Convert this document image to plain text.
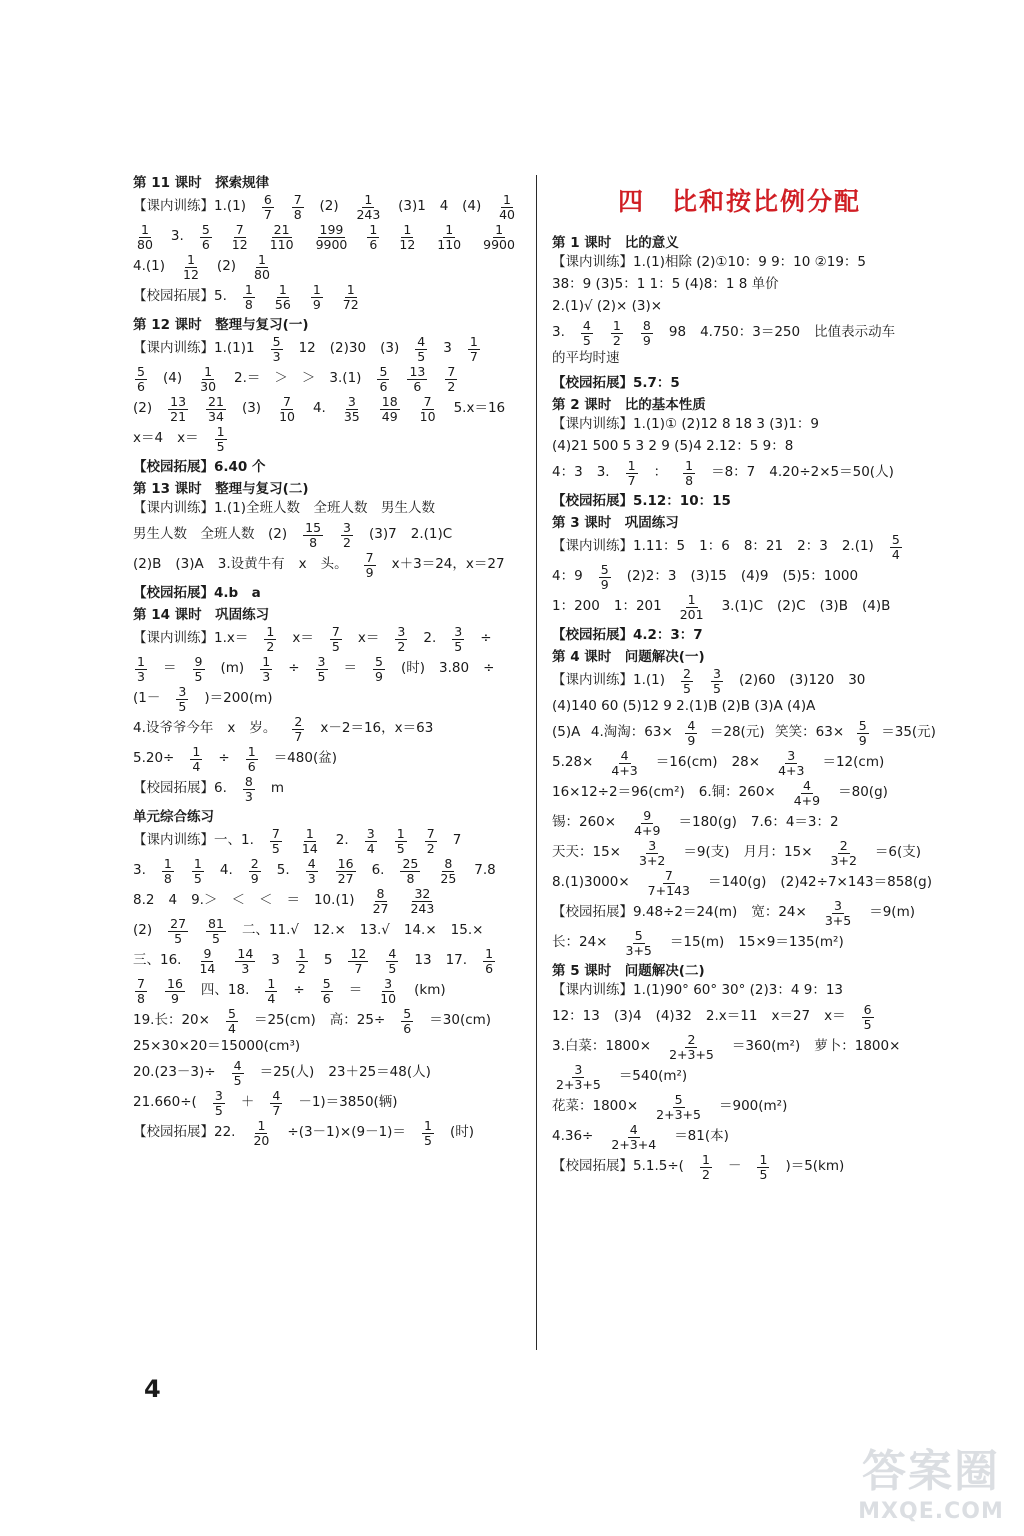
第 11 课时　探索规律
【课内训练】$1.(1) \frac{6}{7} \frac{7}{8} (2) \frac{1}{243} (3)1$ 4 $(4) \frac{1}{40}$
$\frac{1}{80} 3$. $\frac{5}{6} \frac{7}{12} \frac{21}{110} \frac{199}{9900} \frac{1}{6} \frac{1}{12} \frac{1}{110} \frac{1}{9900}$
$4.(1) \frac{1}{12} (2) \frac{1}{80}$
【校园拓展】5. $\frac{1}{8} \frac{1}{56} \frac{1}{9} \frac{1}{72}$
第 12 课时　整理与复习(一)
【课内训练】$1.(1)1 \frac{5}{3} 12$ (2)30 $(3) \frac{4}{5} 3 \frac{1}{7}$
$\frac{5}{6} (4) \frac{1}{30} 2.=$ ＞ ＞ $3.(1) \frac{5}{6} \frac{13}{6} \frac{7}{2}$
$(2) \frac{13}{21} \frac{21}{34} (3) \frac{7}{10} 4$. $\frac{3}{35} \frac{18}{49} \frac{7}{10} 5.x=16$
x＝4 $x= \frac{1}{5}$
【校园拓展】6.40 个
第 13 课时　整理与复习(二)
【课内训练】1.(1)全班人数　全班人数　男生人数
男生人数　全班人数　$(2) \frac{15}{8} \frac{3}{2} (3)7$ 2.(1)C
(2)B (3)A 3.设黄牛有 x 头。 $\frac{7}{9} x+3=24$，x＝27
【校园拓展】4.b　a
第 14 课时　巩固练习
【课内训练】$1.x= \frac{1}{2} x= \frac{7}{5} x= \frac{3}{2} 2$. $\frac{3}{5}$ ÷
$\frac{1}{3} = \frac{9}{5} (m) \frac{1}{3} \div \frac{3}{5} = \frac{5}{9}$ (时) 3.80 ÷
$(1- \frac{3}{5} )=200(m)$
4.设爷爷今年 x 岁。 $\frac{2}{7} x-2=16$，x＝63
$5.20\div \frac{1}{4} \div \frac{1}{6} =480$(盆)
【校园拓展】6. $\frac{8}{3}$ m
单元综合练习
【课内训练】一、1. $\frac{7}{5} \frac{1}{14} 2$. $\frac{3}{4} \frac{1}{5} \frac{7}{2} 7$
3. $\frac{1}{8} \frac{1}{5} 4$. $\frac{2}{9} 5$. $\frac{4}{3} \frac{16}{27} 6$. $\frac{25}{8} \frac{8}{25} 7.8$
8.2 4 9.＞ ＜ ＜ ＝ $10.(1) \frac{8}{27} \frac{32}{243}$
$(2) \frac{27}{5} \frac{81}{5}$ 二、11.√ 12.× 13.√ 14.× 15.×
三、16. $\frac{9}{14} \frac{14}{3} 3 \frac{1}{2} 5 \frac{12}{7} \frac{4}{5} 13$ 17. $\frac{1}{6}$
$\frac{7}{8} \frac{16}{9}$ 四、18. $\frac{1}{4} \div \frac{5}{6} = \frac{3}{10} (km)$
19.长：$20\times \frac{5}{4} =25(cm)$ 高：$25\div \frac{5}{6} =30(cm)$
25×30×20＝15000(cm³)
$20.(23-3)\div \frac{4}{5} =25$(人) 23＋25＝48(人)
$21.660\div( \frac{3}{5} + \frac{4}{7} -1)=3850$(辆)
【校园拓展】22. $\frac{1}{20} \div(3-1)\times(9-1)= \frac{1}{5}$ (时)
四　比和按比例分配
第 1 课时　比的意义
【课内训练】1.(1)相除 (2)①10：9 9：10 ②19：5
38：9 (3)5：1 1：5 (4)8：1 8 单价
2.(1)√ (2)× (3)×
3. $\frac{4}{5} \frac{1}{2} \frac{8}{9} 98$ 4.750：3＝250 比值表示动车
的平均时速
【校园拓展】5.7：5
第 2 课时　比的基本性质
【课内训练】1.(1)① (2)12 8 18 3 (3)1：9
(4)21 500 5 3 2 9 (5)4 2.12：5 9：8
4：3 3. $\frac{1}{7}$ ： $\frac{1}{8} =8$：7 4.20÷2×5＝50(人)
【校园拓展】5.12：10：15
第 3 课时　巩固练习
【课内训练】1.11：5 1：6 8：21 2：3 $2.(1) \frac{5}{4}$
4：$9 \frac{5}{9} (2)2$：3 (3)15 (4)9 (5)5：1000
1：200 1：$201 \frac{1}{201} 3.(1)C$ (2)C (3)B (4)B
【校园拓展】4.2：3：7
第 4 课时　问题解决(一)
【课内训练】$1.(1) \frac{2}{5} \frac{3}{5} (2)60$ (3)120 30
(4)140 60 (5)12 9 2.(1)B (2)B (3)A (4)A
(5)A 4.淘淘：$63\times \frac{4}{9} =28$(元) 笑笑：$63\times \frac{5}{9} =35$(元)
$5.28\times \frac{4}{4+3} =16(cm)$ $28\times \frac{3}{4+3} =12(cm)$
16×12÷2＝96(cm²) 6.铜：$260\times \frac{4}{4+9} =80(g)$
锡：$260\times \frac{9}{4+9} =180(g)$ 7.6：4＝3：2
天天：$15\times \frac{3}{3+2} =9$(支) 月月：$15\times \frac{2}{3+2} =6$(支)
$8.(1)3000\times \frac{7}{7+143} =140(g)$ (2)42÷7×143＝858(g)
【校园拓展】9.48÷2＝24(m) 宽：$24\times \frac{3}{3+5} =9(m)$
长：$24\times \frac{5}{3+5} =15(m)$ 15×9＝135(m²)
第 5 课时　问题解决(二)
【课内训练】1.(1)90° 60° 30° (2)3：4 9：13
12：13 (3)4 (4)32 2.x＝11 x＝27 $x= \frac{6}{5}$
3.白菜：$1800\times \frac{2}{2+3+5} =360(m^2)$ 萝卜：1800×
$\frac{3}{2+3+5} =540(m^2)$
花菜：$1800\times \frac{5}{2+3+5} =900(m^2)$
$4.36\div \frac{4}{2+3+4} =81$(本)
【校园拓展】$5.1.5\div( \frac{1}{2} - \frac{1}{5} )=5(km)$
4
答案圈
MXQE.COM
